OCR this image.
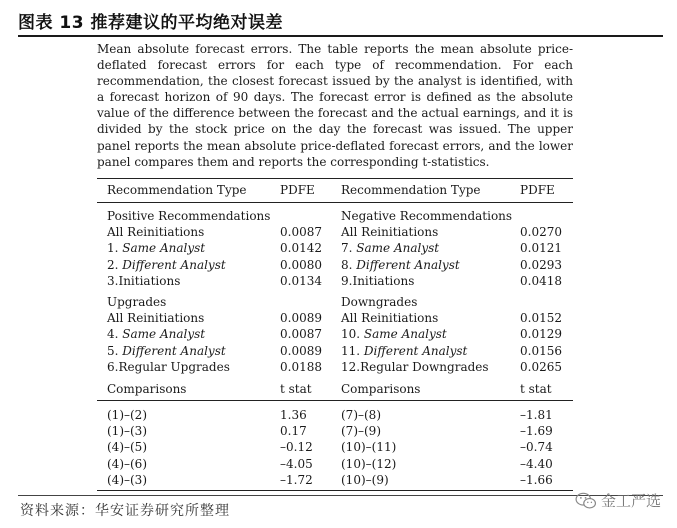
图表 13 推荐建议的平均绝对误差
Mean absolute forecast errors. The table reports the mean absolute price-deflated forecast errors for each type of recommendation. For each recommendation, the closest forecast issued by the analyst is identified, with a forecast horizon of 90 days. The forecast error is defined as the absolute value of the difference between the forecast and the actual earnings, and it is divided by the stock price on the day the forecast was issued. The upper panel reports the mean absolute price-deflated forecast errors, and the lower panel compares them and reports the corresponding t-statistics.
Recommendation Type	PDFE Recommendation Type	PDFE
Positive Recommendations	Negative Recommendations
All Reinitiations	0.0087 All Reinitiations	0.0270
1. Same Analyst	0.0142 7. Same Analyst	0.0121
2. Different Analyst	0.0080 8. Different Analyst	0.0293
3.Initiations	0.0134 9.Initiations	0.0418
Upgrades	Downgrades
All Reinitiations	0.0089 All Reinitiations	0.0152
4. Same Analyst	0.0087 10. Same Analyst	0.0129
5. Different Analyst	0.0089 11. Different Analyst	0.0156
6.Regular Upgrades	0.0188 12.Regular Downgrades	0.0265
Comparisons	t stat Comparisons	t stat
(1)–(2)	1.36	(7)–(8)	–1.81
(1)–(3)	0.17	(7)–(9)	–1.69
(4)–(5)	–0.12 (10)–(11)	–0.74
(4)–(6)	–4.05 (10)–(12)	–4.40
(4)–(3)	–1.72 (10)–(9)	–1.66
资料来源：华安证券研究所整理
金工严选
